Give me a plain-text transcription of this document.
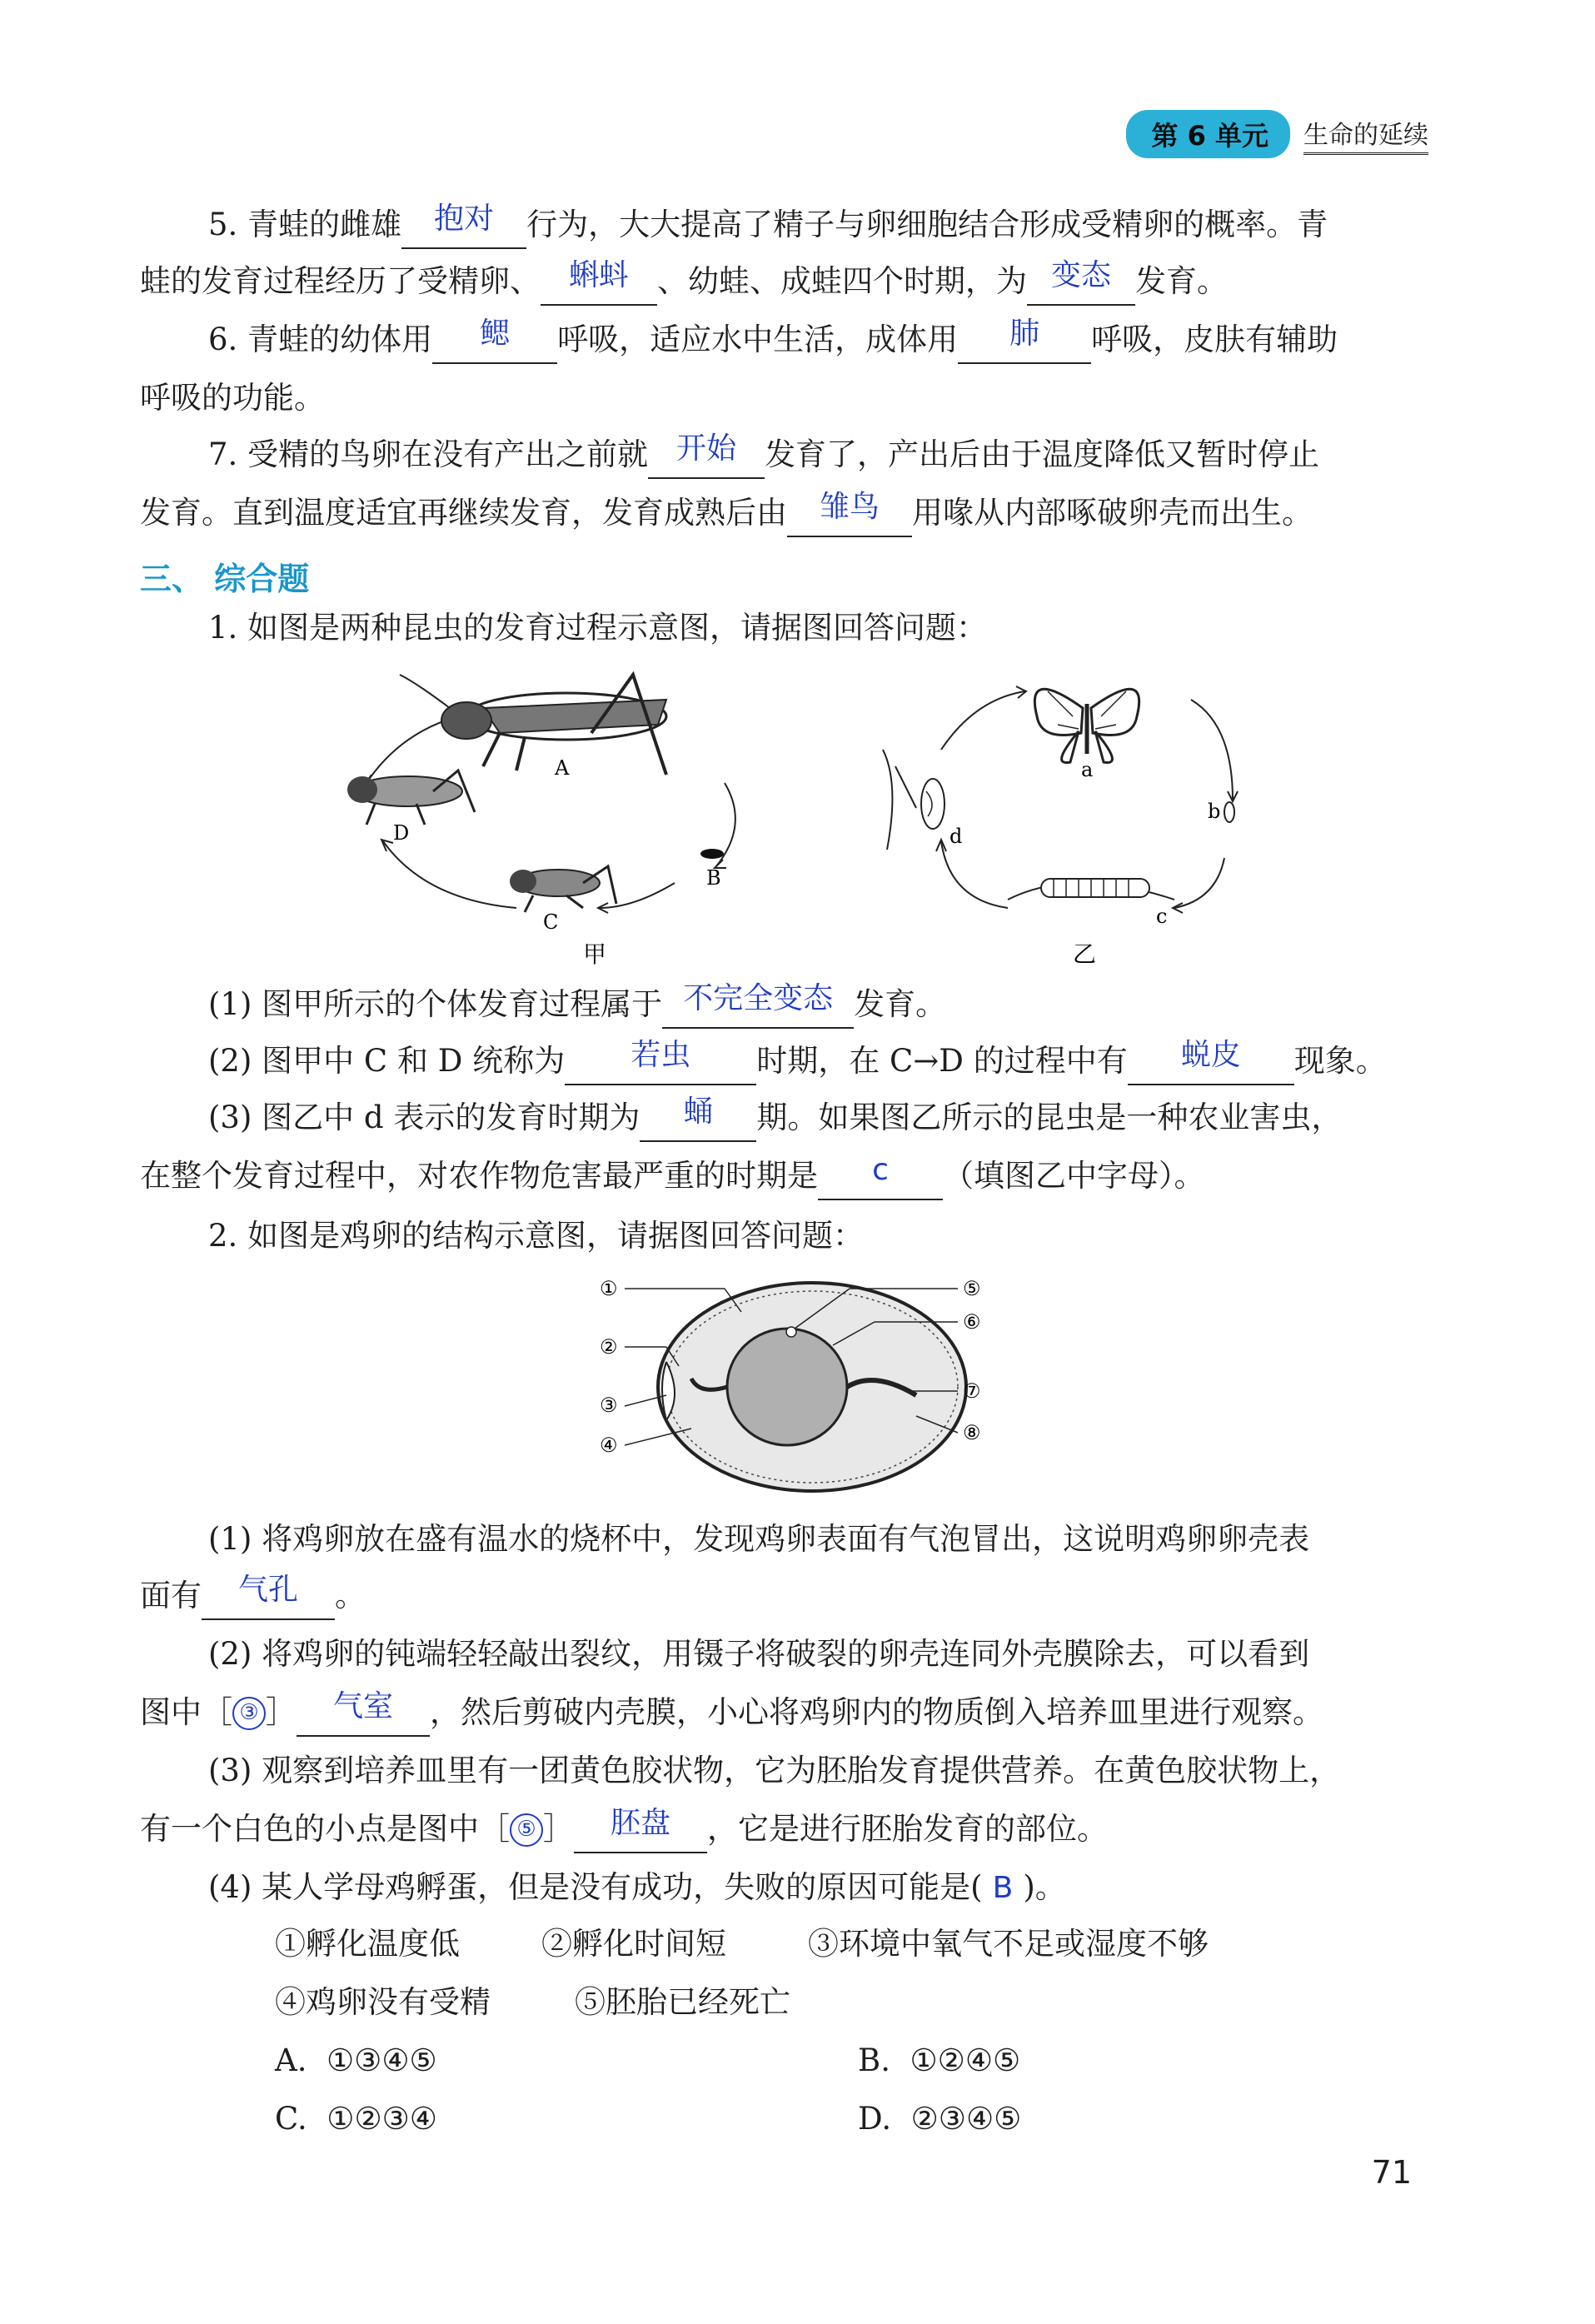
第 6 单元	生命的延续
5. 青蛙的雌雄 抱对 行为，大大提高了精子与卵细胞结合形成受精卵的概率。青
蛙的发育过程经历了受精卵、 蝌蚪 、幼蛙、成蛙四个时期，为 变态 发育。
6. 青蛙的幼体用 鳃 呼吸，适应水中生活，成体用 肺 呼吸，皮肤有辅助
呼吸的功能。
7. 受精的鸟卵在没有产出之前就 开始 发育了，产出后由于温度降低又暂时停止
发育。直到温度适宜再继续发育，发育成熟后由 雏鸟 用喙从内部啄破卵壳而出生。
三、 综合题
1. 如图是两种昆虫的发育过程示意图，请据图回答问题：
A
B
C
D
甲
a
b
c
d
乙
(1) 图甲所示的个体发育过程属于 不完全变态 发育。
(2) 图甲中 C 和 D 统称为 若虫 时期，在 C→D 的过程中有 蜕皮 现象。
(3) 图乙中 d 表示的发育时期为 蛹 期。如果图乙所示的昆虫是一种农业害虫，
在整个发育过程中，对农作物危害最严重的时期是 c （填图乙中字母）。
2. 如图是鸡卵的结构示意图，请据图回答问题：
①
②
③
④
⑤
⑥
⑦
⑧
(1) 将鸡卵放在盛有温水的烧杯中，发现鸡卵表面有气泡冒出，这说明鸡卵卵壳表
面有 气孔 。
(2) 将鸡卵的钝端轻轻敲出裂纹，用镊子将破裂的卵壳连同外壳膜除去，可以看到
图中［ ③ ］ 气室 ，然后剪破内壳膜，小心将鸡卵内的物质倒入培养皿里进行观察。
(3) 观察到培养皿里有一团黄色胶状物，它为胚胎发育提供营养。在黄色胶状物上，
有一个白色的小点是图中［ ⑤ ］ 胚盘 ，它是进行胚胎发育的部位。
(4) 某人学母鸡孵蛋，但是没有成功，失败的原因可能是( B )。
①孵化温度低	②孵化时间短	③环境中氧气不足或湿度不够
④鸡卵没有受精	⑤胚胎已经死亡
A. ①③④⑤	B. ①②④⑤
C. ①②③④	D. ②③④⑤
71
